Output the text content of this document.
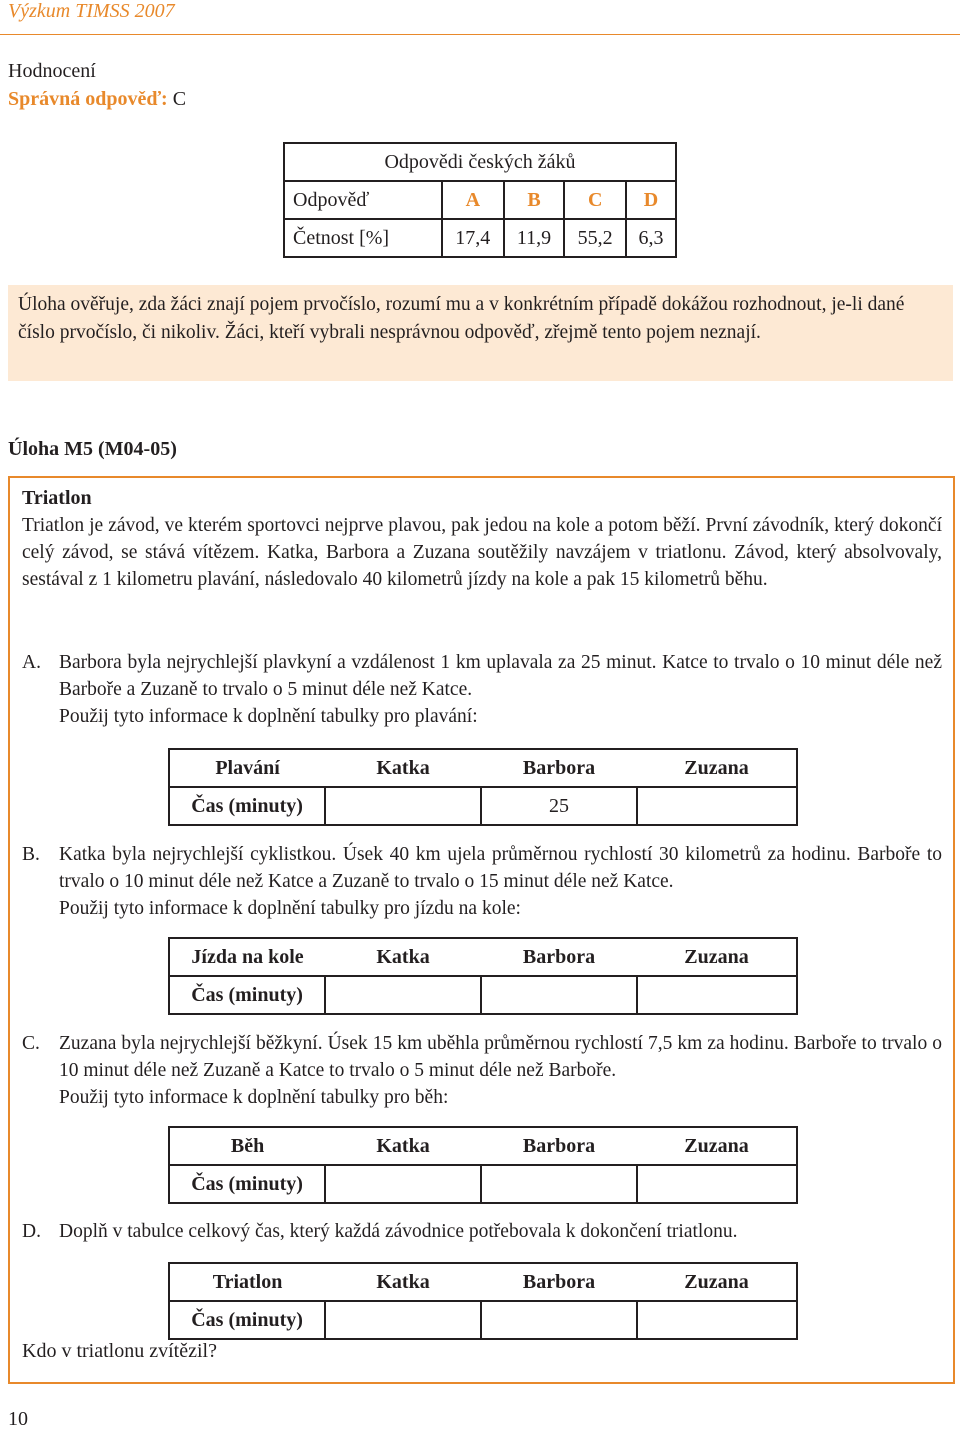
Výzkum TIMSS 2007
Hodnocení
Správná odpověď: C
Odpovědi českých žáků				
Odpověď	A	B	C	D
Četnost [%]	17,4	11,9	55,2	6,3
Úloha ověřuje, zda žáci znají pojem prvočíslo, rozumí mu a v konkrétním případě dokážou rozhodnout, je-li dané číslo prvočíslo, či nikoliv. Žáci, kteří vybrali nesprávnou odpověď, zřejmě tento pojem neznají.
Úloha M5 (M04-05)
Triatlon
Triatlon je závod, ve kterém sportovci nejprve plavou, pak jedou na kole a potom běží. První závodník, který dokončí celý závod, se stává vítězem. Katka, Barbora a Zuzana soutěžily navzájem v triatlonu. Závod, který absolvovaly, sestával z 1 kilometru plavání, následovalo 40 kilometrů jízdy na kole a pak 15 kilometrů běhu.
A. Barbora byla nejrychlejší plavkyní a vzdálenost 1 km uplavala za 25 minut. Katce to trvalo o 10 minut déle než Barboře a Zuzaně to trvalo o 5 minut déle než Katce.
Použij tyto informace k doplnění tabulky pro plavání:
Plavání	Katka	Barbora	Zuzana
Čas (minuty)		25	
B. Katka byla nejrychlejší cyklistkou. Úsek 40 km ujela průměrnou rychlostí 30 kilometrů za hodinu. Barboře to trvalo o 10 minut déle než Katce a Zuzaně to trvalo o 15 minut déle než Katce.
Použij tyto informace k doplnění tabulky pro jízdu na kole:
Jízda na kole	Katka	Barbora	Zuzana
Čas (minuty)			
C. Zuzana byla nejrychlejší běžkyní. Úsek 15 km uběhla průměrnou rychlostí 7,5 km za hodinu. Barboře to trvalo o 10 minut déle než Zuzaně a Katce to trvalo o 5 minut déle než Barboře.
Použij tyto informace k doplnění tabulky pro běh:
Běh	Katka	Barbora	Zuzana
Čas (minuty)			
D. Doplň v tabulce celkový čas, který každá závodnice potřebovala k dokončení triatlonu.
Triatlon	Katka	Barbora	Zuzana
Čas (minuty)			
Kdo v triatlonu zvítězil?
10
